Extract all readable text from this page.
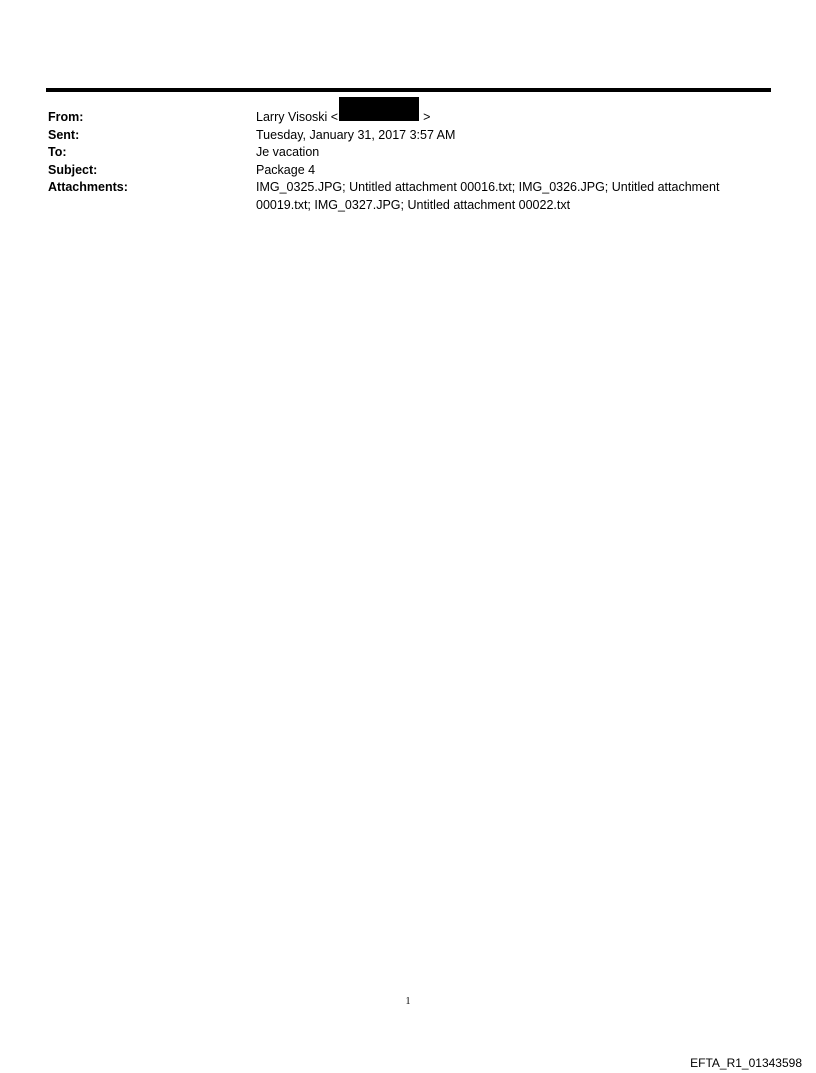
From:	Larry Visoski <	>
Sent:	Tuesday, January 31, 2017 3:57 AM
To:	Je vacation
Subject:	Package 4
Attachments:	IMG_0325.JPG; Untitled attachment 00016.txt; IMG_0326.JPG; Untitled attachment 00019.txt; IMG_0327.JPG; Untitled attachment 00022.txt
1
EFTA_R1_01343598
